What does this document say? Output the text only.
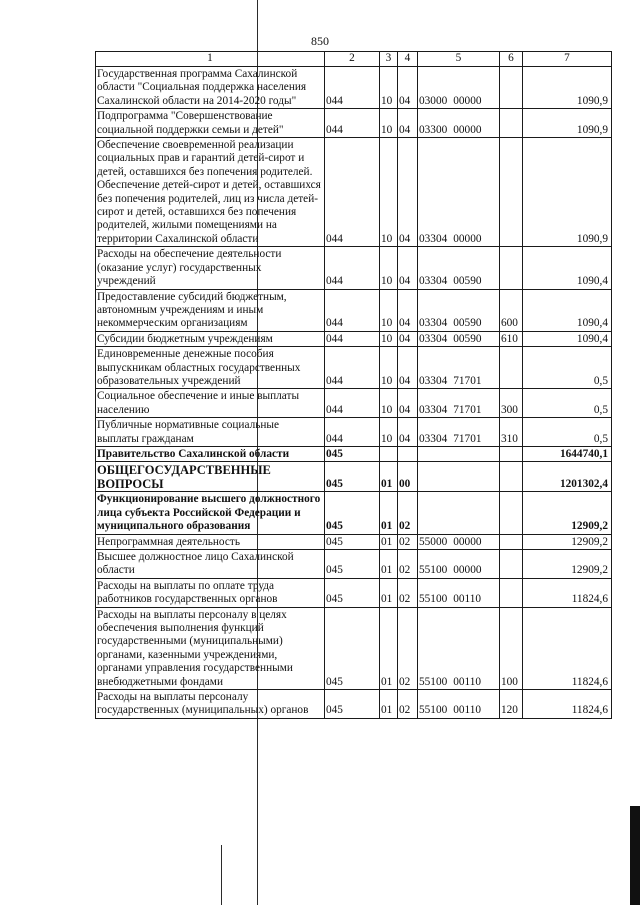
850
1	2	3	4	5	6	7
Государственная программа Сахалинской области "Социальная поддержка населения Сахалинской области на 2014-2020 годы"	044	10	04	03000 00000		1090,9
Подпрограмма "Совершенствование социальной поддержки семьи и детей"	044	10	04	03300 00000		1090,9
Обеспечение своевременной реализации социальных прав и гарантий детей-сирот и детей, оставшихся без попечения родителей. Обеспечение детей-сирот и детей, оставшихся без попечения родителей, лиц из числа детей-сирот и детей, оставшихся без попечения родителей, жилыми помещениями на территории Сахалинской области	044	10	04	03304 00000		1090,9
Расходы на обеспечение деятельности (оказание услуг) государственных учреждений	044	10	04	03304 00590		1090,4
Предоставление субсидий бюджетным, автономным учреждениям и иным некоммерческим организациям	044	10	04	03304 00590	600	1090,4
Субсидии бюджетным учреждениям	044	10	04	03304 00590	610	1090,4
Единовременные денежные пособия выпускникам областных государственных образовательных учреждений	044	10	04	03304 71701		0,5
Социальное обеспечение и иные выплаты населению	044	10	04	03304 71701	300	0,5
Публичные нормативные социальные выплаты гражданам	044	10	04	03304 71701	310	0,5
Правительство Сахалинской области	045					1644740,1
ОБЩЕГОСУДАРСТВЕННЫЕ ВОПРОСЫ	045	01	00			1201302,4
Функционирование высшего должностного лица субъекта Российской Федерации и муниципального образования	045	01	02			12909,2
Непрограммная деятельность	045	01	02	55000 00000		12909,2
Высшее должностное лицо Сахалинской области	045	01	02	55100 00000		12909,2
Расходы на выплаты по оплате труда работников государственных органов	045	01	02	55100 00110		11824,6
Расходы на выплаты персоналу в целях обеспечения выполнения функций государственными (муниципальными) органами, казенными учреждениями, органами управления государственными внебюджетными фондами	045	01	02	55100 00110	100	11824,6
Расходы на выплаты персоналу государственных (муниципальных) органов	045	01	02	55100 00110	120	11824,6
